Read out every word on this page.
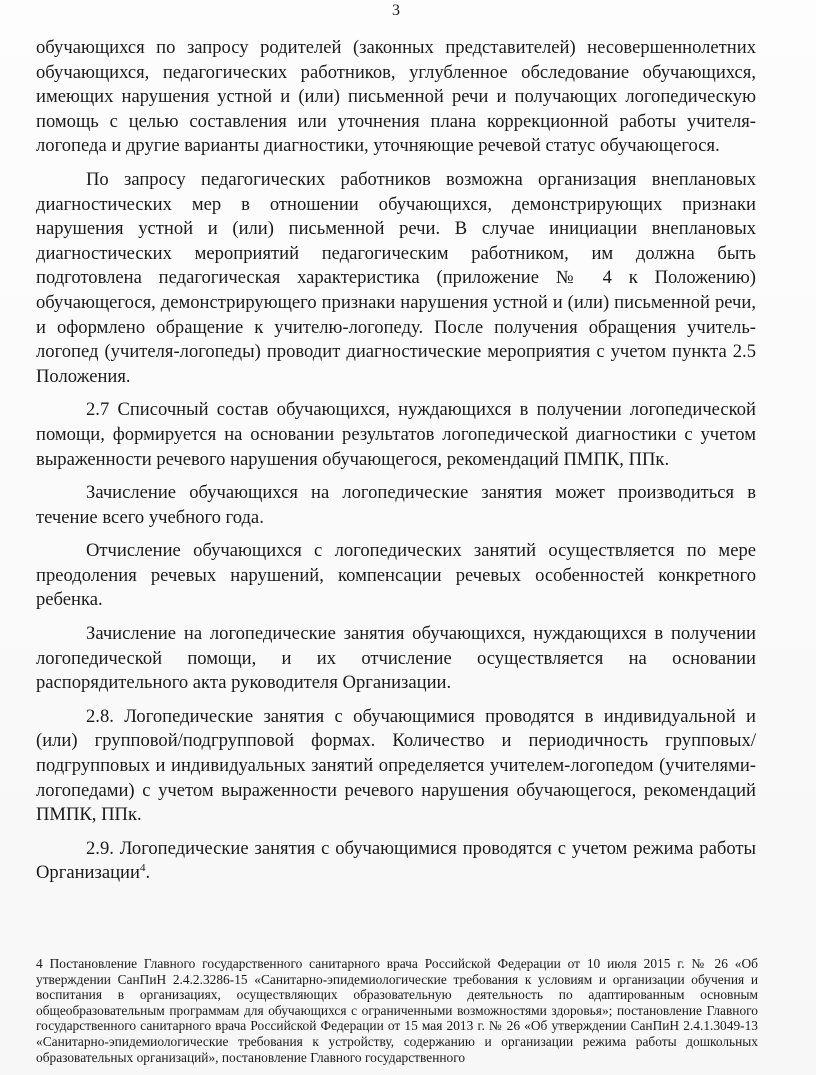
3

обучающихся по запросу родителей (законных представителей) несовершеннолетних обучающихся, педагогических работников, углубленное обследование обучающихся, имеющих нарушения устной и (или) письменной речи и получающих логопедическую помощь с целью составления или уточнения плана коррекционной работы учителя-логопеда и другие варианты диагностики, уточняющие речевой статус обучающегося.

По запросу педагогических работников возможна организация внеплановых диагностических мер в отношении обучающихся, демонстрирующих признаки нарушения устной и (или) письменной речи. В случае инициации внеплановых диагностических мероприятий педагогическим работником, им должна быть подготовлена педагогическая характеристика (приложение № 4 к Положению) обучающегося, демонстрирующего признаки нарушения устной и (или) письменной речи, и оформлено обращение к учителю-логопеду. После получения обращения учитель-логопед (учителя-логопеды) проводит диагностические мероприятия с учетом пункта 2.5 Положения.

2.7 Списочный состав обучающихся, нуждающихся в получении логопедической помощи, формируется на основании результатов логопедической диагностики с учетом выраженности речевого нарушения обучающегося, рекомендаций ПМПК, ППк.

Зачисление обучающихся на логопедические занятия может производиться в течение всего учебного года.

Отчисление обучающихся с логопедических занятий осуществляется по мере преодоления речевых нарушений, компенсации речевых особенностей конкретного ребенка.

Зачисление на логопедические занятия обучающихся, нуждающихся в получении логопедической помощи, и их отчисление осуществляется на основании распорядительного акта руководителя Организации.

2.8. Логопедические занятия с обучающимися проводятся в индивидуальной и (или) групповой/подгрупповой формах. Количество и периодичность групповых/подгрупповых и индивидуальных занятий определяется учителем-логопедом (учителями-логопедами) с учетом выраженности речевого нарушения обучающегося, рекомендаций ПМПК, ППк.

2.9. Логопедические занятия с обучающимися проводятся с учетом режима работы Организации$^4$.

4 Постановление Главного государственного санитарного врача Российской Федерации от 10 июля 2015 г. № 26 «Об утверждении СанПиН 2.4.2.3286-15 «Санитарно-эпидемиологические требования к условиям и организации обучения и воспитания в организациях, осуществляющих образовательную деятельность по адаптированным основным общеобразовательным программам для обучающихся с ограниченными возможностями здоровья»; постановление Главного государственного санитарного врача Российской Федерации от 15 мая 2013 г. № 26 «Об утверждении СанПиН 2.4.1.3049-13 «Санитарно-эпидемиологические требования к устройству, содержанию и организации режима работы дошкольных образовательных организаций», постановление Главного государственного
